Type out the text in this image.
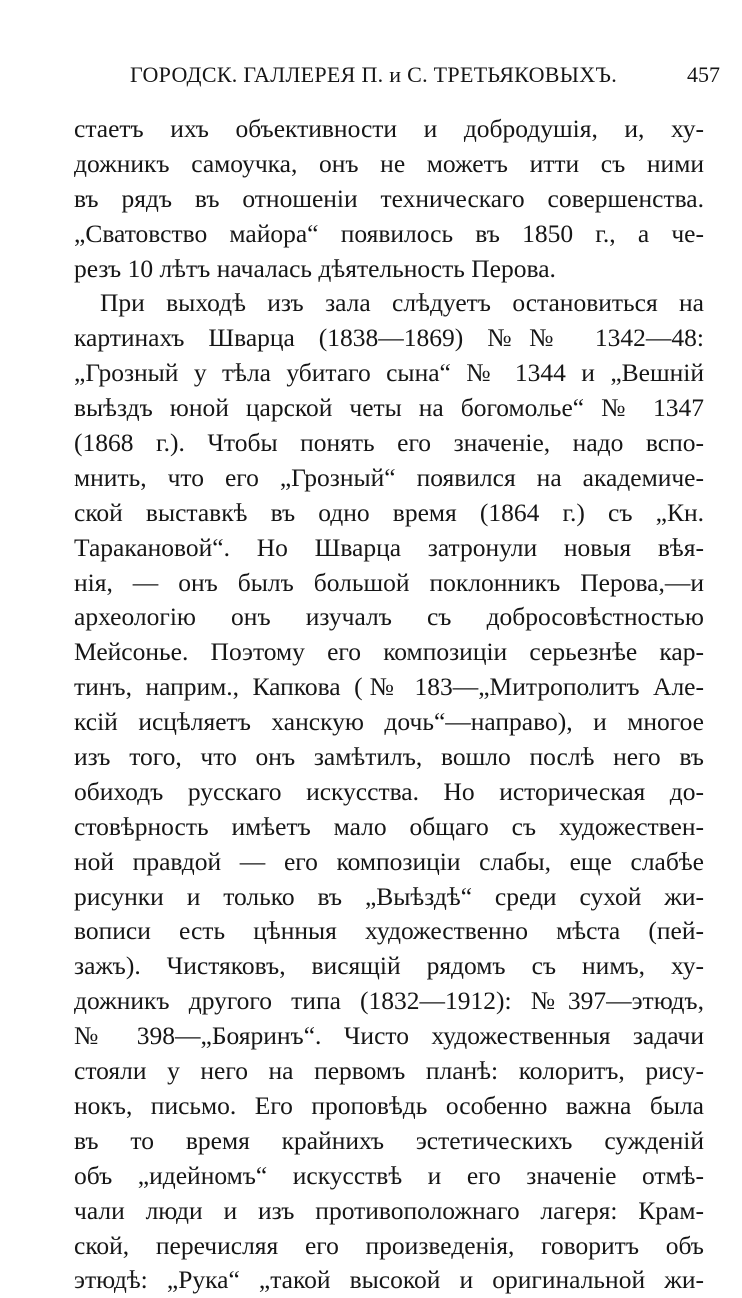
ГОРОДСК. ГАЛЛЕРЕЯ П. и С. ТРЕТЬЯКОВЫХЪ.	457
стаетъ ихъ объективности и добродушія, и, ху-
дожникъ самоучка, онъ не можетъ итти съ ними
въ рядъ въ отношеніи техническаго совершенства.
„Сватовство майора“ появилось въ 1850 г., а че-
резъ 10 лѣтъ началась дѣятельность Перова.
При выходѣ изъ зала слѣдуетъ остановиться на
картинахъ Шварца (1838—1869) №№ 1342—48:
„Грозный у тѣла убитаго сына“ № 1344 и „Вешній
выѣздъ юной царской четы на богомолье“ № 1347
(1868 г.). Чтобы понять его значеніе, надо вспо-
мнить, что его „Грозный“ появился на академиче-
ской выставкѣ въ одно время (1864 г.) съ „Кн.
Таракановой“. Но Шварца затронули новыя вѣя-
нія, — онъ былъ большой поклонникъ Перова,—и
археологію онъ изучалъ съ добросовѣстностью
Мейсонье. Поэтому его композиціи серьезнѣе кар-
тинъ, наприм., Капкова (№ 183—„Митрополитъ Але-
ксій исцѣляетъ ханскую дочь“—направо), и многое
изъ того, что онъ замѣтилъ, вошло послѣ него въ
обиходъ русскаго искусства. Но историческая до-
стовѣрность имѣетъ мало общаго съ художествен-
ной правдой — его композиціи слабы, еще слабѣе
рисунки и только въ „Выѣздѣ“ среди сухой жи-
вописи есть цѣнныя художественно мѣста (пей-
зажъ). Чистяковъ, висящій рядомъ съ нимъ, ху-
дожникъ другого типа (1832—1912): №397—этюдъ,
№ 398—„Бояринъ“. Чисто художественныя задачи
стояли у него на первомъ планѣ: колоритъ, рису-
нокъ, письмо. Его проповѣдь особенно важна была
въ то время крайнихъ эстетическихъ сужденій
объ „идейномъ“ искусствѣ и его значеніе отмѣ-
чали люди и изъ противоположнаго лагеря: Крам-
ской, перечисляя его произведенія, говоритъ объ
этюдѣ: „Рука“ „такой высокой и оригинальной жи-
